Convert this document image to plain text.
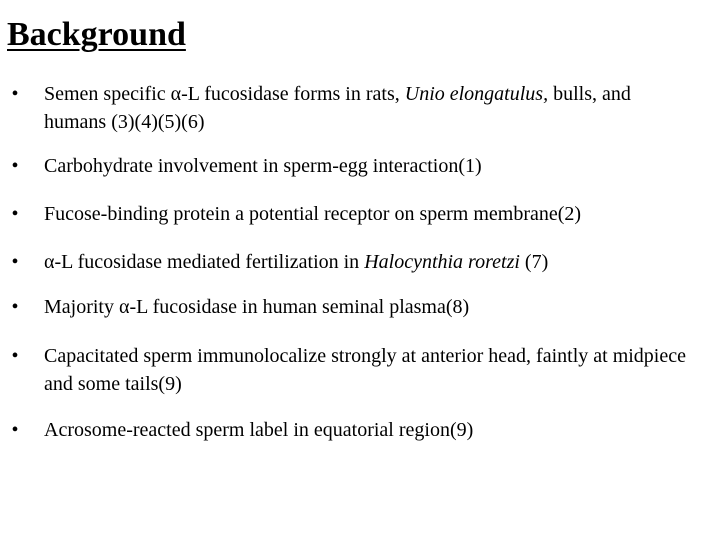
Background
• Semen specific α-L fucosidase forms in rats, Unio elongatulus, bulls, and humans (3)(4)(5)(6)
• Carbohydrate involvement in sperm-egg interaction(1)
• Fucose-binding protein a potential receptor on sperm membrane(2)
• α-L fucosidase mediated fertilization in Halocynthia roretzi (7)
• Majority α-L fucosidase in human seminal plasma(8)
• Capacitated sperm immunolocalize strongly at anterior head, faintly at midpiece and some tails(9)
• Acrosome-reacted sperm label in equatorial region(9)
